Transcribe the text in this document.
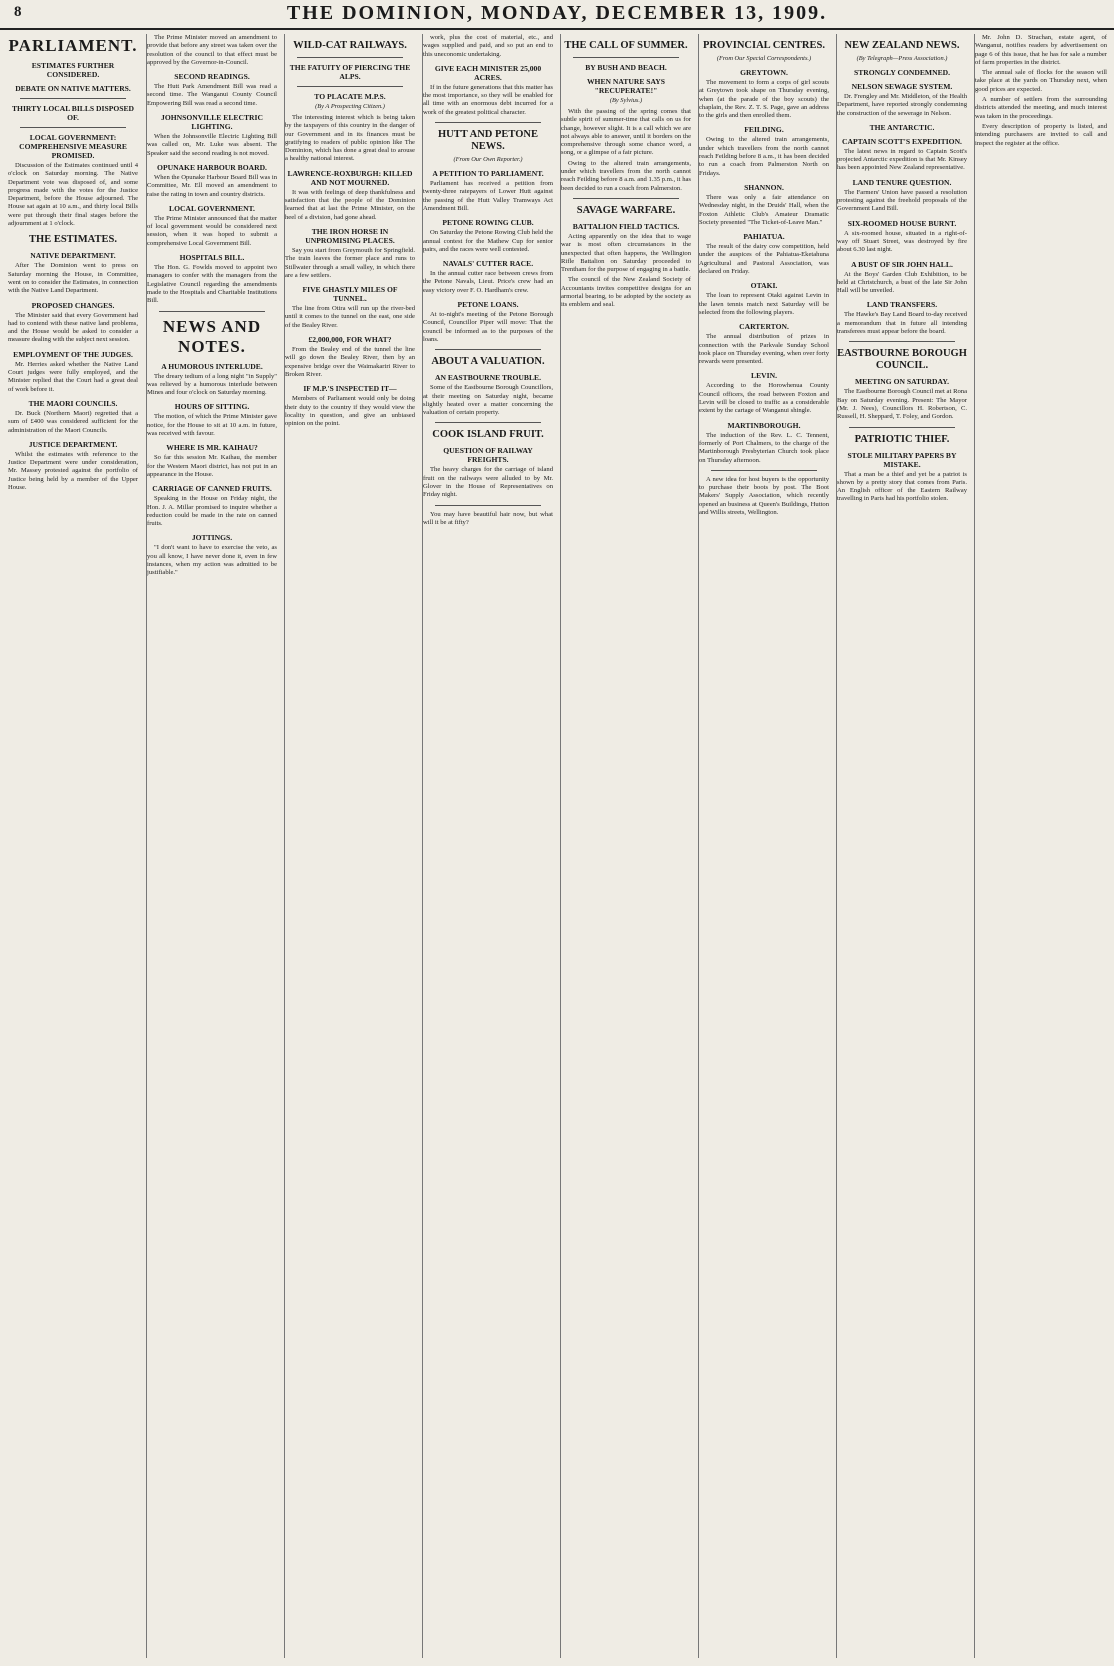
8	THE DOMINION, MONDAY, DECEMBER 13, 1909.
PARLIAMENT.
ESTIMATES FURTHER CONSIDERED.
DEBATE ON NATIVE MATTERS.
THIRTY LOCAL BILLS DISPOSED OF.
LOCAL GOVERNMENT: COMPREHENSIVE MEASURE PROMISED.

Discussion of the Estimates continued until 4 o'clock on Saturday morning. The Native Department vote was disposed of, and some progress made with the votes for the Justice Department, before the House adjourned. The House sat again at 10 a.m., and thirty local Bills were put through their final stages before the adjournment at 1 o'clock.

THE ESTIMATES.
NATIVE DEPARTMENT.

After The Dominion went to press on Saturday morning the House, in Committee, went on to consider the Estimates, in connection with the Native Land Department.

PROPOSED CHANGES.

The Minister said that every Government had had to contend with these native land problems, and the House would be asked to consider a measure dealing with the subject next session.

EMPLOYMENT OF THE JUDGES.

Mr. Herries asked whether the Native Land Court judges were fully employed, and the Minister replied that the Court had a great deal of work before it.

THE MAORI COUNCILS.

Dr. Buck (Northern Maori) regretted that a sum of £400 was considered sufficient for the administration of the Maori Councils.

JUSTICE DEPARTMENT.

Whilst the estimates with reference to the Justice Department were under consideration, Mr. Massey protested against the portfolio of Justice being held by a member of the Upper House.

The Prime Minister moved an amendment to provide that before any street was taken over the resolution of the council to that effect must be approved by the Governor-in-Council.

SECOND READINGS.

The Hutt Park Amendment Bill was read a second time. The Wanganui County Council Empowering Bill was read a second time.

JOHNSONVILLE ELECTRIC LIGHTING.

When the Johnsonville Electric Lighting Bill was called on, Mr. Luke was absent. The Speaker said the second reading is not moved.

OPUNAKE HARBOUR BOARD.

When the Opunake Harbour Board Bill was in Committee, Mr. Ell moved an amendment to raise the rating in town and country districts.

LOCAL GOVERNMENT.

The Prime Minister announced that the matter of local government would be considered next session, when it was hoped to submit a comprehensive Local Government Bill.

HOSPITALS BILL.

The Hon. G. Fowlds moved to appoint two managers to confer with the managers from the Legislative Council regarding the amendments made to the Hospitals and Charitable Institutions Bill.

NEWS AND NOTES.
A HUMOROUS INTERLUDE.

The dreary tedium of a long night "in Supply" was relieved by a humorous interlude between Mines and four o'clock on Saturday morning.

HOURS OF SITTING.

The motion, of which the Prime Minister gave notice, for the House to sit at 10 a.m. in future, was received with favour.

WHERE IS MR. KAIHAU?

So far this session Mr. Kaihau, the member for the Western Maori district, has not put in an appearance in the House.

CARRIAGE OF CANNED FRUITS.

Speaking in the House on Friday night, the Hon. J. A. Millar promised to inquire whether a reduction could be made in the rate on canned fruits.

JOTTINGS.

"I don't want to have to exercise the veto, as you all know, I have never done it, even in few instances, when my action was admitted to be justifiable."

WILD-CAT RAILWAYS.
THE FATUITY OF PIERCING THE ALPS.
TO PLACATE M.P.S.
(By A Prospecting Citizen.)

The interesting interest which is being taken by the taxpayers of this country in the danger of our Government and in its finances must be gratifying to readers of public opinion like The Dominion, which has done a great deal to arouse a healthy national interest.

LAWRENCE-ROXBURGH: KILLED AND NOT MOURNED.

It was with feelings of deep thankfulness and satisfaction that the people of the Dominion learned that at last the Prime Minister, on the heel of a division, had gone ahead.

THE IRON HORSE IN UNPROMISING PLACES.

Say you start from Greymouth for Springfield. The train leaves the former place and runs to Stillwater through a small valley, in which there are a few settlers.

FIVE GHASTLY MILES OF TUNNEL.

The line from Otira will run up the river-bed until it comes to the tunnel on the east, one side of the Bealey River.

£2,000,000, FOR WHAT?

From the Bealey end of the tunnel the line will go down the Bealey River, then by an expensive bridge over the Waimakariri River to Broken River.

IF M.P.'S INSPECTED IT—

Members of Parliament would only be doing their duty to the country if they would view the locality in question, and give an unbiased opinion on the point.

work, plus the cost of material, etc., and wages supplied and paid, and so put an end to this uneconomic undertaking.

GIVE EACH MINISTER 25,000 ACRES.

If in the future generations that this matter has the most importance, so they will be enabled for all time with an enormous debt incurred for a work of the greatest political character.

HUTT AND PETONE NEWS.
(From Our Own Reporter.)
A PETITION TO PARLIAMENT.

Parliament has received a petition from twenty-three ratepayers of Lower Hutt against the passing of the Hutt Valley Tramways Act Amendment Bill.

PETONE ROWING CLUB.

On Saturday the Petone Rowing Club held the annual contest for the Mathew Cup for senior pairs, and the races were well contested.

NAVALS' CUTTER RACE.

In the annual cutter race between crews from the Petone Navals, Lieut. Price's crew had an easy victory over F. O. Hardham's crew.

PETONE LOANS.

At to-night's meeting of the Petone Borough Council, Councillor Piper will move: That the council be informed as to the purposes of the loans.

ABOUT A VALUATION.
AN EASTBOURNE TROUBLE.

Some of the Eastbourne Borough Councillors, at their meeting on Saturday night, became slightly heated over a matter concerning the valuation of certain property.

COOK ISLAND FRUIT.
QUESTION OF RAILWAY FREIGHTS.

The heavy charges for the carriage of island fruit on the railways were alluded to by Mr. Glover in the House of Representatives on Friday night.

You may have beautiful hair now, but what will it be at fifty?

THE CALL OF SUMMER.
BY BUSH AND BEACH.
WHEN NATURE SAYS "RECUPERATE!"
(By Sylvius.)

With the passing of the spring comes that subtle spirit of summer-time that calls on us for change, however slight. It is a call which we are not always able to answer, until it borders on the comprehensive through some chance word, a song, or a glimpse of a fair picture.

Owing to the altered train arrangements, under which travellers from the north cannot reach Feilding before 8 a.m. and 1.35 p.m., it has been decided to run a coach from Palmerston.

SAVAGE WARFARE.
BATTALION FIELD TACTICS.

Acting apparently on the idea that to wage war is most often circumstances in the unexpected that often happens, the Wellington Rifle Battalion on Saturday proceeded to Trentham for the purpose of engaging in a battle.

The council of the New Zealand Society of Accountants invites competitive designs for an armorial bearing, to be adopted by the society as its emblem and seal.

PROVINCIAL CENTRES.
(From Our Special Correspondents.)
GREYTOWN.

The movement to form a corps of girl scouts at Greytown took shape on Thursday evening, when (at the parade of the boy scouts) the chaplain, the Rev. Z. T. S. Page, gave an address to the girls and then enrolled them.

FEILDING.

Owing to the altered train arrangements, under which travellers from the north cannot reach Feilding before 8 a.m., it has been decided to run a coach from Palmerston North on Fridays.

SHANNON.

There was only a fair attendance on Wednesday night, in the Druids' Hall, when the Foxton Athletic Club's Amateur Dramatic Society presented "The Ticket-of-Leave Man."

PAHIATUA.

The result of the dairy cow competition, held under the auspices of the Pahiatua-Eketahuna Agricultural and Pastoral Association, was declared on Friday.

OTAKI.

The loan to represent Otaki against Levin in the lawn tennis match next Saturday will be selected from the following players.

CARTERTON.

The annual distribution of prizes in connection with the Parkvale Sunday School took place on Thursday evening, when over forty rewards were presented.

LEVIN.

According to the Horowhenua County Council officers, the road between Foxton and Levin will be closed to traffic as a considerable extent by the cartage of Wanganui shingle.

MARTINBOROUGH.

The induction of the Rev. L. C. Tennent, formerly of Port Chalmers, to the charge of the Martinborough Presbyterian Church took place on Thursday afternoon.

A new idea for host buyers is the opportunity to purchase their boots by post. The Boot Makers' Supply Association, which recently opened an business at Queen's Buildings, Hutton and Willis streets, Wellington.

NEW ZEALAND NEWS.
(By Telegraph—Press Association.)
STRONGLY CONDEMNED.
NELSON SEWAGE SYSTEM.

Dr. Frengley and Mr. Middleton, of the Health Department, have reported strongly condemning the construction of the sewerage in Nelson.

THE ANTARCTIC.
CAPTAIN SCOTT'S EXPEDITION.

The latest news in regard to Captain Scott's projected Antarctic expedition is that Mr. Kinsey has been appointed New Zealand representative.

LAND TENURE QUESTION.

The Farmers' Union have passed a resolution protesting against the freehold proposals of the Government Land Bill.

SIX-ROOMED HOUSE BURNT.

A six-roomed house, situated in a right-of-way off Stuart Street, was destroyed by fire about 6.30 last night.

A BUST OF SIR JOHN HALL.

At the Boys' Garden Club Exhibition, to be held at Christchurch, a bust of the late Sir John Hall will be unveiled.

LAND TRANSFERS.

The Hawke's Bay Land Board to-day received a memorandum that in future all intending transferees must appear before the board.

EASTBOURNE BOROUGH COUNCIL.
MEETING ON SATURDAY.

The Eastbourne Borough Council met at Rona Bay on Saturday evening. Present: The Mayor (Mr. J. Nees), Councillors H. Robertson, C. Russell, H. Sheppard, T. Foley, and Gordon.

PATRIOTIC THIEF.
STOLE MILITARY PAPERS BY MISTAKE.

That a man be a thief and yet be a patriot is shown by a pretty story that comes from Paris. An English officer of the Eastern Railway travelling in Paris had his portfolio stolen.

Mr. John D. Strachan, estate agent, of Wanganui, notifies readers by advertisement on page 6 of this issue, that he has for sale a number of farm properties in the district.

The annual sale of flocks for the season will take place at the yards on Thursday next, when good prices are expected.

A number of settlers from the surrounding districts attended the meeting, and much interest was taken in the proceedings.

Every description of property is listed, and intending purchasers are invited to call and inspect the register at the office.
